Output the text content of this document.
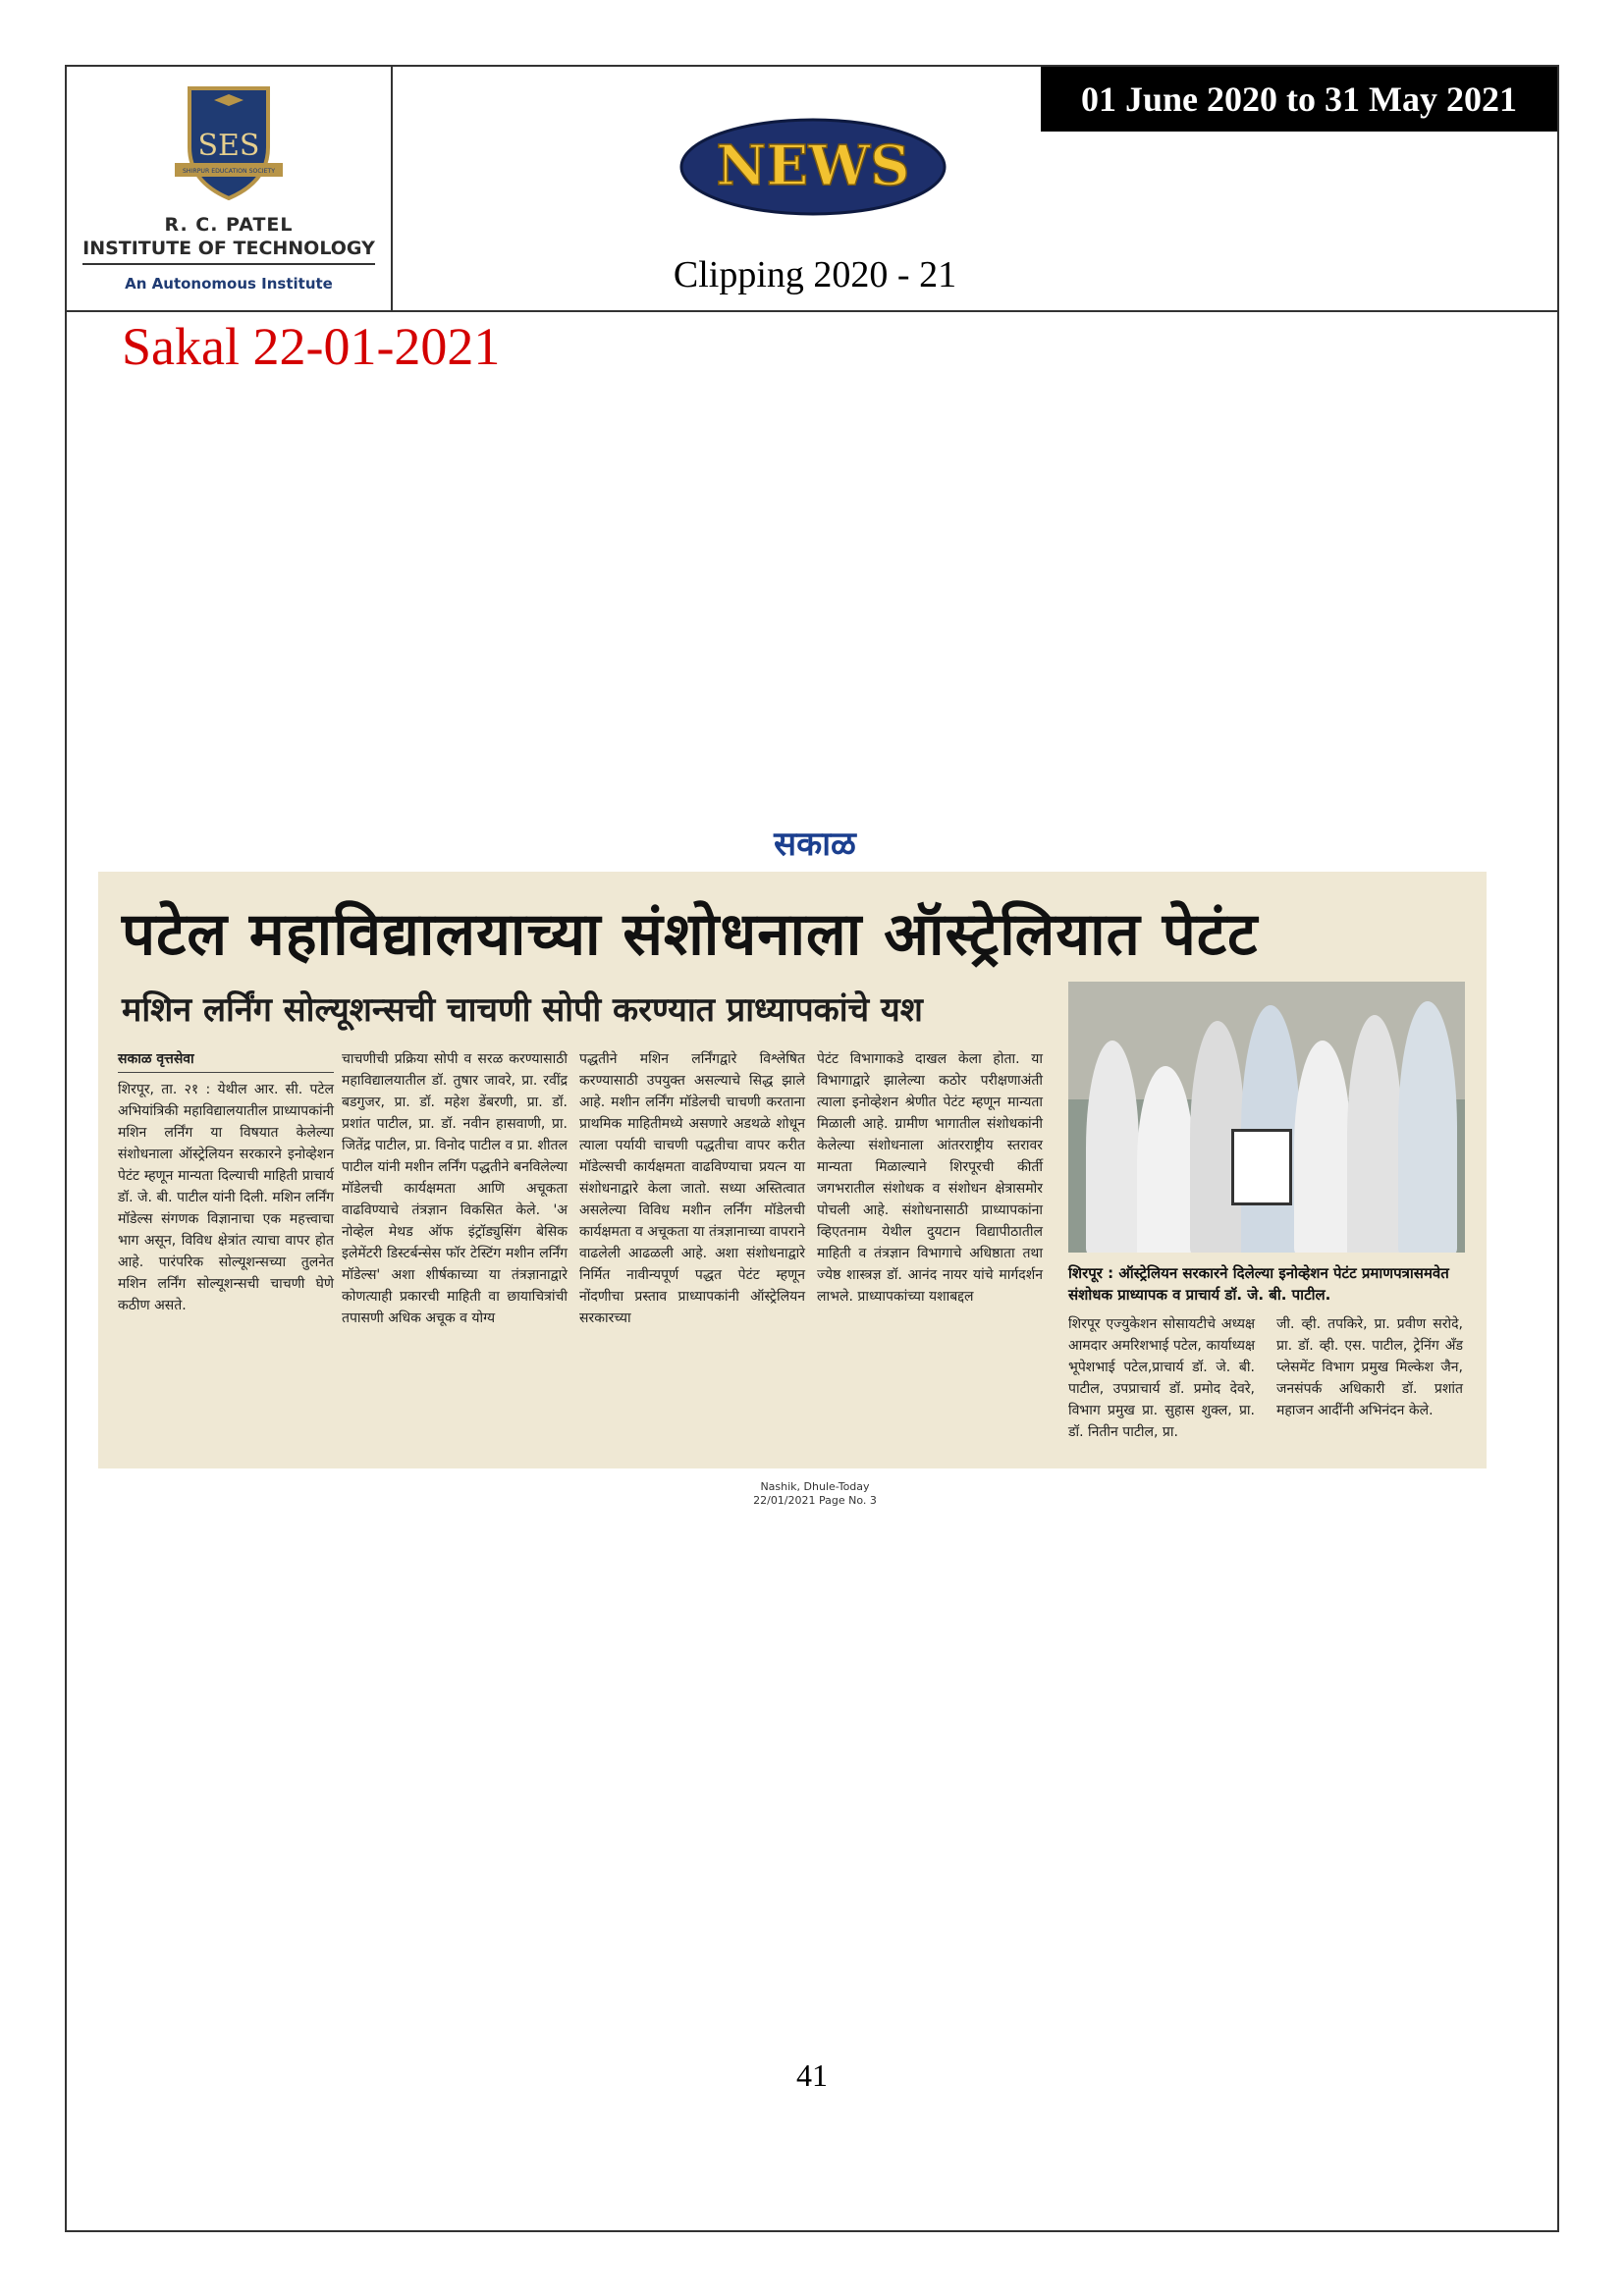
SES
SHIRPUR EDUCATION SOCIETY
R. C. PATEL
INSTITUTE OF TECHNOLOGY
An Autonomous Institute
NEWS
Clipping 2020 - 21
01 June 2020 to 31 May 2021
Sakal 22-01-2021
सकाळ
पटेल महाविद्यालयाच्या संशोधनाला ऑस्ट्रेलियात पेटंट
मशिन लर्निंग सोल्यूशन्सची चाचणी सोपी करण्यात प्राध्यापकांचे यश
सकाळ वृत्तसेवा
शिरपूर, ता. २१ : येथील आर. सी. पटेल अभियांत्रिकी महाविद्यालयातील प्राध्यापकांनी मशिन लर्निंग या विषयात केलेल्या संशोधनाला ऑस्ट्रेलियन सरकारने इनोव्हेशन पेटंट म्हणून मान्यता दिल्याची माहिती प्राचार्य डॉ. जे. बी. पाटील यांनी दिली. मशिन लर्निंग मॉडेल्स संगणक विज्ञानाचा एक महत्त्वाचा भाग असून, विविध क्षेत्रांत त्याचा वापर होत आहे. पारंपरिक सोल्यूशन्सच्या तुलनेत मशिन लर्निंग सोल्यूशन्सची चाचणी घेणे कठीण असते.
चाचणीची प्रक्रिया सोपी व सरळ करण्यासाठी महाविद्यालयातील डॉ. तुषार जावरे, प्रा. रवींद्र बडगुजर, प्रा. डॉ. महेश डेंबरणी, प्रा. डॉ. प्रशांत पाटील, प्रा. डॉ. नवीन हासवाणी, प्रा. जितेंद्र पाटील, प्रा. विनोद पाटील व प्रा. शीतल पाटील यांनी मशीन लर्निंग पद्धतीने बनविलेल्या मॉडेलची कार्यक्षमता आणि अचूकता वाढविण्याचे तंत्रज्ञान विकसित केले. 'अ नोव्हेल मेथड ऑफ इंट्रॉड्युसिंग बेसिक इलेमेंटरी डिस्टर्बन्सेस फॉर टेस्टिंग मशीन लर्निंग मॉडेल्स' अशा शीर्षकाच्या या तंत्रज्ञानाद्वारे कोणत्याही प्रकारची माहिती वा छायाचित्रांची तपासणी अधिक अचूक व योग्य
पद्धतीने मशिन लर्निंगद्वारे विश्लेषित करण्यासाठी उपयुक्त असल्याचे सिद्ध झाले आहे. मशीन लर्निंग मॉडेलची चाचणी करताना प्राथमिक माहितीमध्ये असणारे अडथळे शोधून त्याला पर्यायी चाचणी पद्धतीचा वापर करीत मॉडेल्सची कार्यक्षमता वाढविण्याचा प्रयत्न या संशोधनाद्वारे केला जातो. सध्या अस्तित्वात असलेल्या विविध मशीन लर्निंग मॉडेलची कार्यक्षमता व अचूकता या तंत्रज्ञानाच्या वापराने वाढलेली आढळली आहे. अशा संशोधनाद्वारे निर्मित नावीन्यपूर्ण पद्धत पेटंट म्हणून नोंदणीचा प्रस्ताव प्राध्यापकांनी ऑस्ट्रेलियन सरकारच्या
पेटंट विभागाकडे दाखल केला होता. या विभागाद्वारे झालेल्या कठोर परीक्षणाअंती त्याला इनोव्हेशन श्रेणीत पेटंट म्हणून मान्यता मिळाली आहे. ग्रामीण भागातील संशोधकांनी केलेल्या संशोधनाला आंतरराष्ट्रीय स्तरावर मान्यता मिळाल्याने शिरपूरची कीर्ती जगभरातील संशोधक व संशोधन क्षेत्रासमोर पोचली आहे. संशोधनासाठी प्राध्यापकांना व्हिएतनाम येथील दुयटान विद्यापीठातील माहिती व तंत्रज्ञान विभागाचे अधिष्ठाता तथा ज्येष्ठ शास्त्रज्ञ डॉ. आनंद नायर यांचे मार्गदर्शन लाभले. प्राध्यापकांच्या यशाबद्दल
शिरपूर : ऑस्ट्रेलियन सरकारने दिलेल्या इनोव्हेशन पेटंट प्रमाणपत्रासमवेत संशोधक प्राध्यापक व प्राचार्य डॉ. जे. बी. पाटील.
शिरपूर एज्युकेशन सोसायटीचे अध्यक्ष आमदार अमरिशभाई पटेल, कार्याध्यक्ष भूपेशभाई पटेल,प्राचार्य डॉ. जे. बी. पाटील, उपप्राचार्य डॉ. प्रमोद देवरे, विभाग प्रमुख प्रा. सुहास शुक्ल, प्रा. डॉ. नितीन पाटील, प्रा.
जी. व्ही. तपकिरे, प्रा. प्रवीण सरोदे, प्रा. डॉ. व्ही. एस. पाटील, ट्रेनिंग अँड प्लेसमेंट विभाग प्रमुख मिल्केश जैन, जनसंपर्क अधिकारी डॉ. प्रशांत महाजन आदींनी अभिनंदन केले.
Nashik, Dhule-Today
22/01/2021 Page No. 3
41
